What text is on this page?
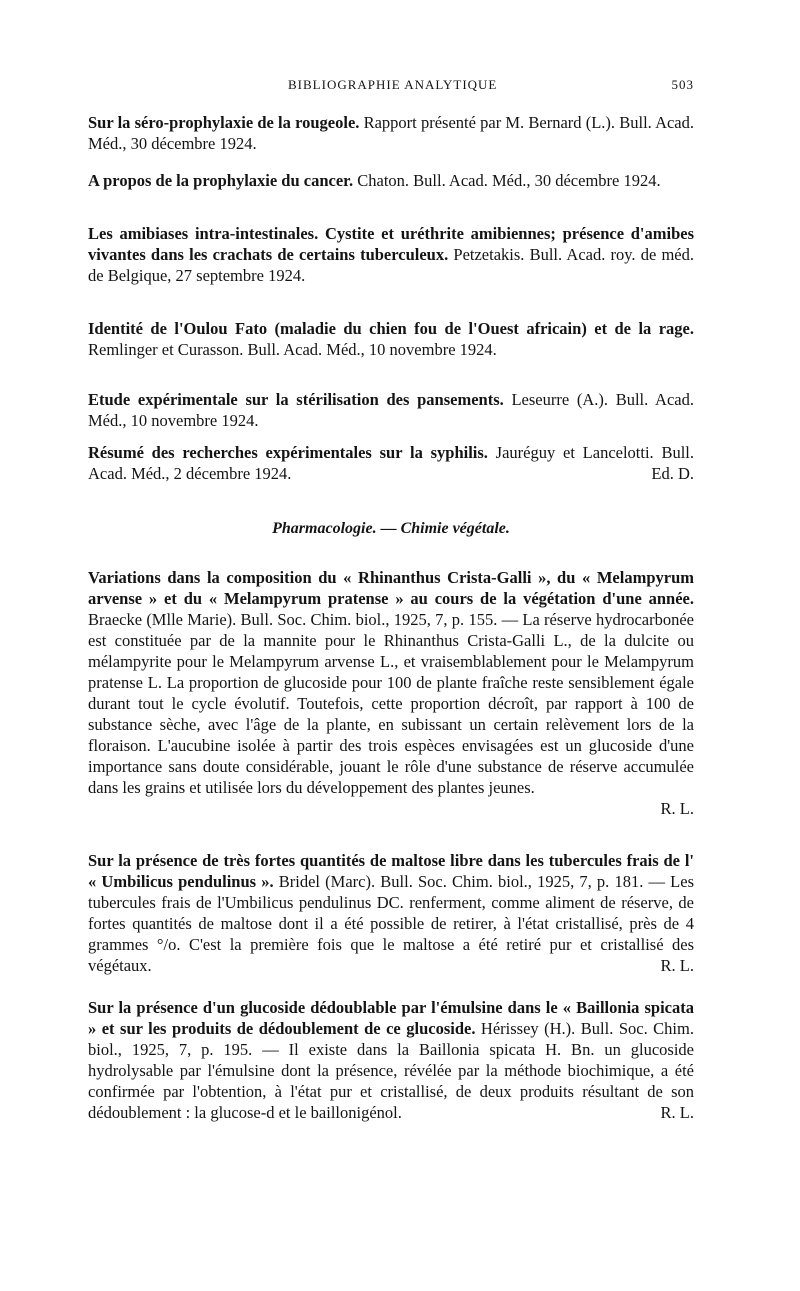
BIBLIOGRAPHIE ANALYTIQUE	503
Sur la séro-prophylaxie de la rougeole. Rapport présenté par M. Bernard (L.). Bull. Acad. Méd., 30 décembre 1924.
A propos de la prophylaxie du cancer. Chaton. Bull. Acad. Méd., 30 décembre 1924.
Les amibiases intra-intestinales. Cystite et uréthrite amibiennes; présence d'amibes vivantes dans les crachats de certains tuberculeux. Petzetakis. Bull. Acad. roy. de méd. de Belgique, 27 septembre 1924.
Identité de l'Oulou Fato (maladie du chien fou de l'Ouest africain) et de la rage. Remlinger et Curasson. Bull. Acad. Méd., 10 novembre 1924.
Etude expérimentale sur la stérilisation des pansements. Leseurre (A.). Bull. Acad. Méd., 10 novembre 1924.
Résumé des recherches expérimentales sur la syphilis. Jauréguy et Lancelotti. Bull. Acad. Méd., 2 décembre 1924.	Ed. D.
Pharmacologie. — Chimie végétale.
Variations dans la composition du « Rhinanthus Crista-Galli », du « Melampyrum arvense » et du « Melampyrum pratense » au cours de la végétation d'une année. Braecke (Mlle Marie). Bull. Soc. Chim. biol., 1925, 7, p. 155. — La réserve hydrocarbonée est constituée par de la mannite pour le Rhinanthus Crista-Galli L., de la dulcite ou mélampyrite pour le Melampyrum arvense L., et vraisemblablement pour le Melampyrum pratense L. La proportion de glucoside pour 100 de plante fraîche reste sensiblement égale durant tout le cycle évolutif. Toutefois, cette proportion décroît, par rapport à 100 de substance sèche, avec l'âge de la plante, en subissant un certain relèvement lors de la floraison. L'aucubine isolée à partir des trois espèces envisagées est un glucoside d'une importance sans doute considérable, jouant le rôle d'une substance de réserve accumulée dans les grains et utilisée lors du développement des plantes jeunes.
R. L.
Sur la présence de très fortes quantités de maltose libre dans les tubercules frais de l' « Umbilicus pendulinus ». Bridel (Marc). Bull. Soc. Chim. biol., 1925, 7, p. 181. — Les tubercules frais de l'Umbilicus pendulinus DC. renferment, comme aliment de réserve, de fortes quantités de maltose dont il a été possible de retirer, à l'état cristallisé, près de 4 grammes °/o. C'est la première fois que le maltose a été retiré pur et cristallisé des végétaux.	R. L.
Sur la présence d'un glucoside dédoublable par l'émulsine dans le « Baillonia spicata » et sur les produits de dédoublement de ce glucoside. Hérissey (H.). Bull. Soc. Chim. biol., 1925, 7, p. 195. — Il existe dans la Baillonia spicata H. Bn. un glucoside hydrolysable par l'émulsine dont la présence, révélée par la méthode biochimique, a été confirmée par l'obtention, à l'état pur et cristallisé, de deux produits résultant de son dédoublement : la glucose-d et le baillonigénol.	R. L.
